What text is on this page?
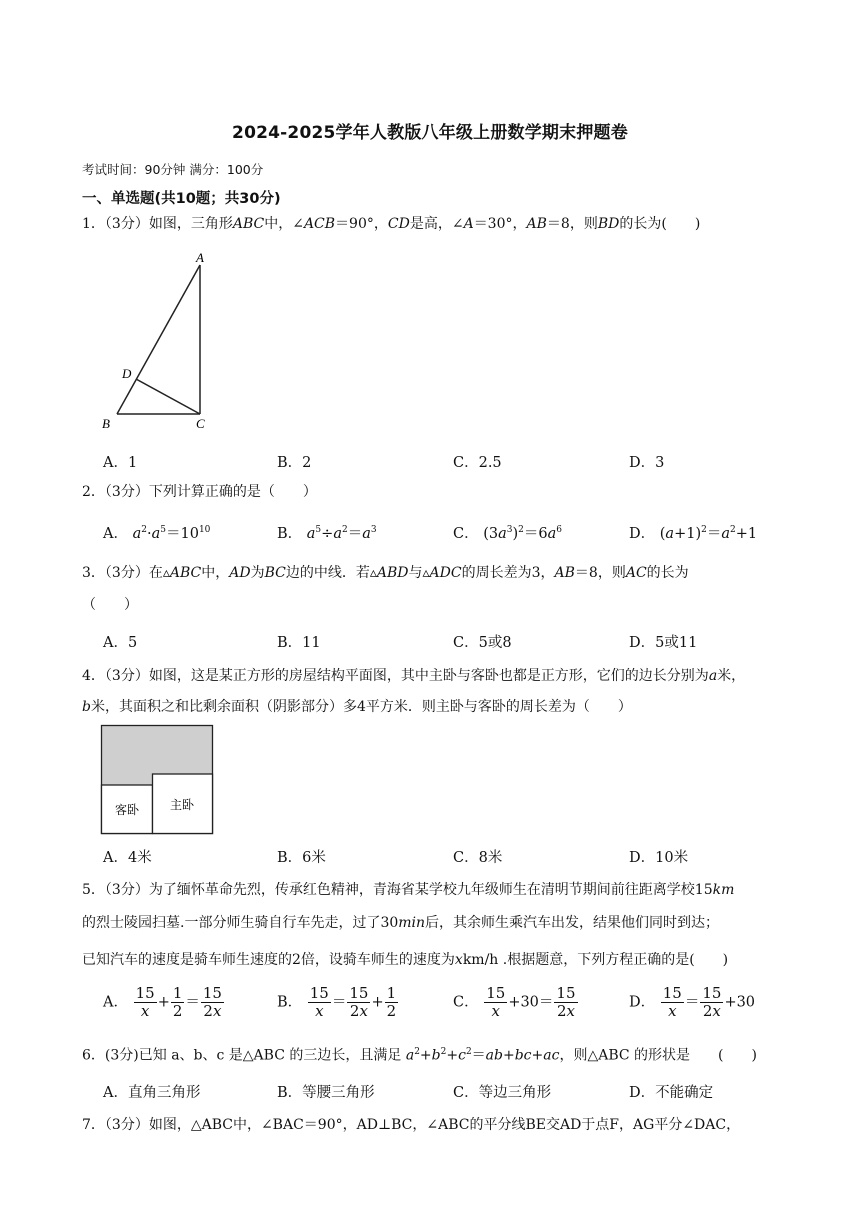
2024-2025学年人教版八年级上册数学期末押题卷
考试时间：90分钟 满分：100分
一、单选题(共10题；共30分)
1．（3分）如图，三角形ABC中，∠ACB＝90°，CD是高，∠A＝30°，AB＝8，则BD的长为(　　)
A
D
B	C
A．1	B．2	C．2.5	D．3
2．（3分）下列计算正确的是（　　）
A． $a^2\cdot a^5=10^{10}$	B． $a^5\div a^2=a^3$	C． $(3a^3)^2=6a^6$	D． $(a+1)^2=a^2+1$
3．（3分）在▵ABC中，AD为BC边的中线．若▵ABD与▵ADC的周长差为3，AB＝8，则AC的长为
（　　）
A．5	B．11	C．5或8	D．5或11
4．（3分）如图，这是某正方形的房屋结构平面图，其中主卧与客卧也都是正方形，它们的边长分别为a米，
b米，其面积之和比剩余面积（阴影部分）多4平方米．则主卧与客卧的周长差为（　　）
客卧	主卧
A．4米	B．6米	C．8米	D．10米
5．（3分）为了缅怀革命先烈，传承红色精神，青海省某学校九年级师生在清明节期间前往距离学校15km
的烈士陵园扫墓.一部分师生骑自行车先走，过了30min后，其余师生乘汽车出发，结果他们同时到达；
已知汽车的速度是骑车师生速度的2倍，设骑车师生的速度为xkm/h .根据题意，下列方程正确的是(　　)
A． $\frac{15}{x} + \frac{1}{2} = \frac{15}{2x}$	B． $\frac{15}{x} = \frac{15}{2x} + \frac{1}{2}$	C． $\frac{15}{x} +30= \frac{15}{2x}$	D． $\frac{15}{x} = \frac{15}{2x} +30$
6．(3分)已知 a、b、c 是△ABC 的三边长，且满足 $a^2+b^2+c^2=ab+bc+ac$，则△ABC 的形状是　　(　　)
A．直角三角形	B．等腰三角形	C．等边三角形	D．不能确定
7．（3分）如图，△ABC中，∠BAC＝90°，AD⊥BC，∠ABC的平分线BE交AD于点F，AG平分∠DAC，
